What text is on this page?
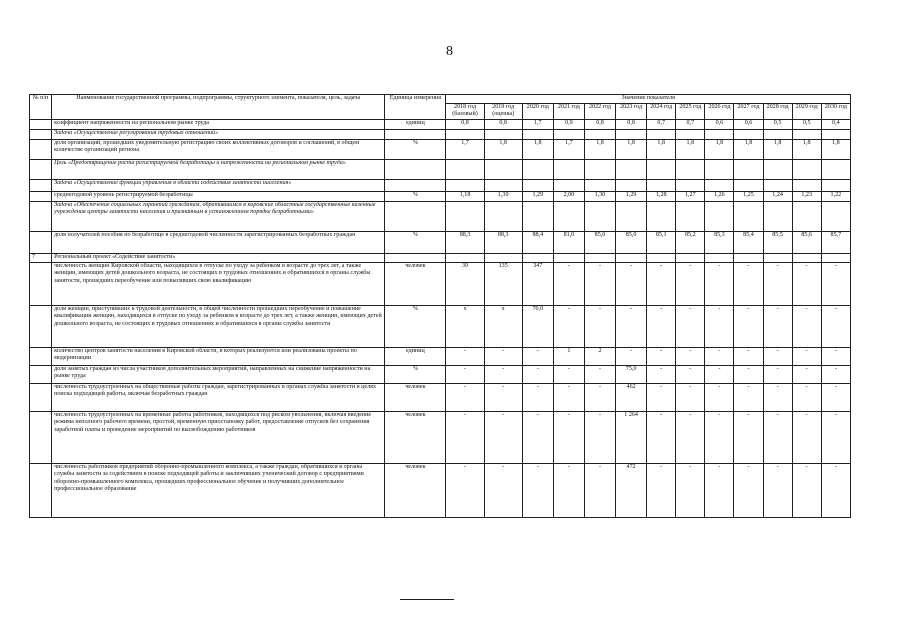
8
№ п/п	Наименование государственной программы, подпрограммы, структурного элемента, показателя, цель, задача	Единица измерения	Значение показателя												
			2018 год (базовый)	2019 год (оценка)	2020 год	2021 год	2022 год	2023 год	2024 год	2025 год	2026 год	2027 год	2028 год	2029 год	2030 год
	коэффициент напряженности на региональном рынке труда	единиц	0,8	0,8	1,7	0,9	0,8	0,8	0,7	0,7	0,6	0,6	0,5	0,5	0,4
	Задача «Осуществление регулирования трудовых отношений»														
	доля организаций, прошедших уведомительную регистрацию своих коллективных договоров и соглашений, в общем количестве организаций региона	%	1,7	1,8	1,8	1,7	1,8	1,8	1,8	1,8	1,8	1,8	1,8	1,8	1,8
	Цель «Предотвращение роста регистрируемой безработицы и напряженности на региональном рынке труда»														
	Задача «Осуществление функции управления в области содействия занятости населения»														
	среднегодовой уровень регистрируемой безработицы	%	1,18	1,30	1,29	2,00	1,30	1,29	1,28	1,27	1,26	1,25	1,24	1,23	1,22
	Задача «Обеспечение социальных гарантий гражданам, обратившимся в кировские областные государственные казенные учреждения центры занятости населения и признанным в установленном порядке безработными»														
	доля получателей пособия по безработице в среднегодовой численности зарегистрированных безработных граждан	%	88,3	88,3	88,4	81,0	85,0	85,0	85,1	85,2	85,3	85,4	85,5	85,6	85,7
7	Региональный проект «Содействие занятости»														
	численность женщин Кировской области, находящихся в отпуске по уходу за ребенком в возрасте до трех лет, а также женщин, имеющих детей дошкольного возраста, не состоящих в трудовых отношениях и обратившихся в органы службы занятости, прошедших переобучение или повысивших свою квалификацию	человек	39	135	347	-	-	-	-	-	-	-	-	-	-
	доля женщин, приступивших к трудовой деятельности, в общей численности прошедших переобучение и повышение квалификации женщин, находящихся в отпуске по уходу за ребенком в возрасте до трех лет, а также женщин, имеющих детей дошкольного возраста, не состоящих в трудовых отношениях и обратившихся в органы службы занятости	%	x	x	70,0	-	-	-	-	-	-	-	-	-	-
	количество центров занятости населения в Кировской области, в которых реализуются или реализованы проекты по модернизации	единиц	-	-	-	1	2	-	-	-	-	-	-	-	-
	доля занятых граждан из числа участников дополнительных мероприятий, направленных на снижение напряженности на рынке труда	%	-	-	-	-	-	75,0	-	-	-	-	-	-	-
	численность трудоустроенных на общественные работы граждан, зарегистрированных в органах службы занятости в целях поиска подходящей работы, включая безработных граждан	человек	-	-	-	-	-	462	-	-	-	-	-	-	-
	численность трудоустроенных на временные работы работников, находящихся под риском увольнения, включая введение режима неполного рабочего времени, простой, временную приостановку работ, предоставление отпусков без сохранения заработной платы и проведение мероприятий по высвобождению работников	человек	-	-	-	-	-	1 264	-	-	-	-	-	-	-
	численность работников предприятий оборонно-промышленного комплекса, а также граждан, обратившихся в органы службы занятости за содействием в поиске подходящей работы и заключивших ученический договор с предприятиями оборонно-промышленного комплекса, прошедших профессиональное обучение и получивших дополнительное профессиональное образование	человек	-	-	-	-	-	472	-	-	-	-	-	-	-
